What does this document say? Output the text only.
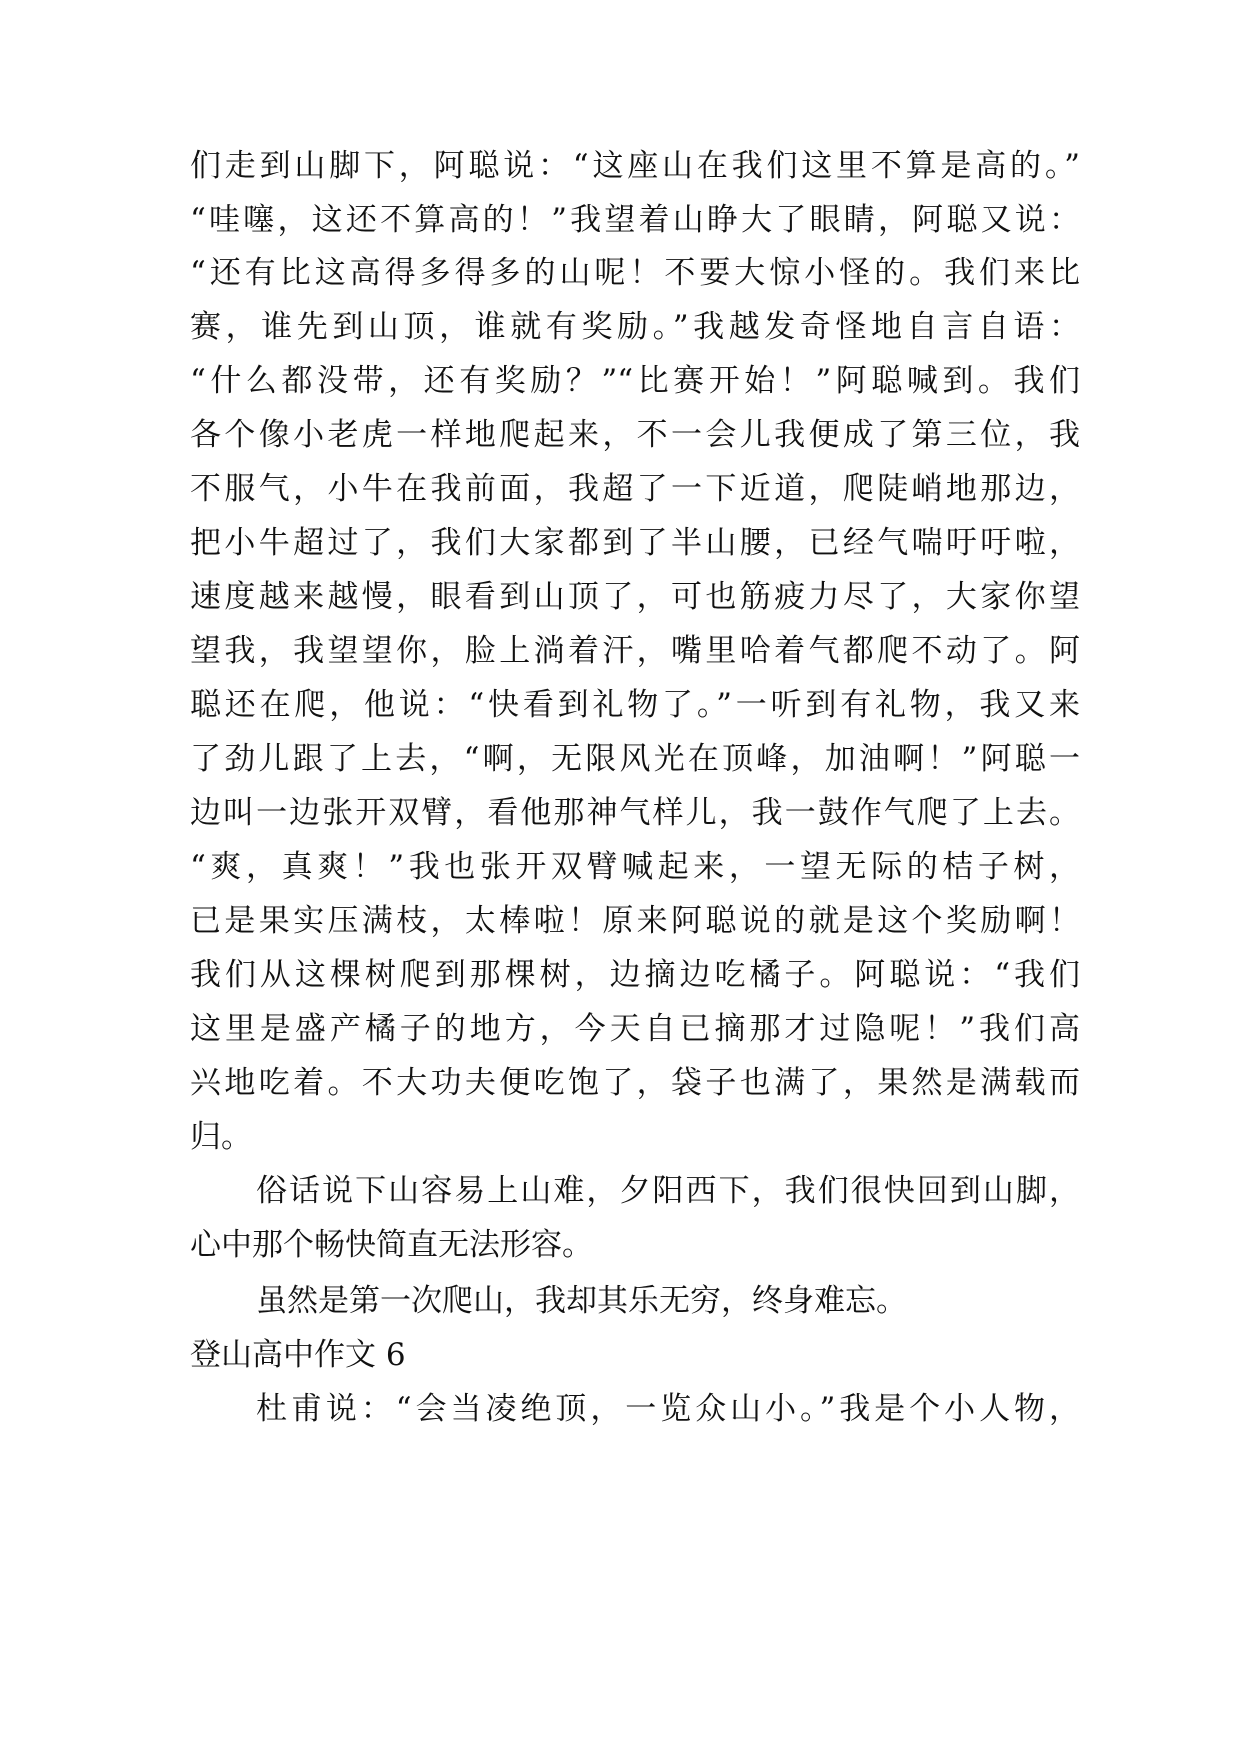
们走到山脚下，阿聪说：“这座山在我们这里不算是高的。”
“哇噻，这还不算高的！”我望着山睁大了眼睛，阿聪又说：
“还有比这高得多得多的山呢！不要大惊小怪的。我们来比
赛，谁先到山顶，谁就有奖励。”我越发奇怪地自言自语：
“什么都没带，还有奖励？”“比赛开始！”阿聪喊到。我们
各个像小老虎一样地爬起来，不一会儿我便成了第三位，我
不服气，小牛在我前面，我超了一下近道，爬陡峭地那边，
把小牛超过了，我们大家都到了半山腰，已经气喘吁吁啦，
速度越来越慢，眼看到山顶了，可也筋疲力尽了，大家你望
望我，我望望你，脸上淌着汗，嘴里哈着气都爬不动了。阿
聪还在爬，他说：“快看到礼物了。”一听到有礼物，我又来
了劲儿跟了上去，“啊，无限风光在顶峰，加油啊！”阿聪一
边叫一边张开双臂，看他那神气样儿，我一鼓作气爬了上去。
“爽，真爽！”我也张开双臂喊起来，一望无际的桔子树，
已是果实压满枝，太棒啦！原来阿聪说的就是这个奖励啊！
我们从这棵树爬到那棵树，边摘边吃橘子。阿聪说：“我们
这里是盛产橘子的地方，今天自已摘那才过隐呢！”我们高
兴地吃着。不大功夫便吃饱了，袋子也满了，果然是满载而
归。
俗话说下山容易上山难，夕阳西下，我们很快回到山脚，
心中那个畅快简直无法形容。
虽然是第一次爬山，我却其乐无穷，终身难忘。
登山高中作文 6
杜甫说：“会当凌绝顶，一览众山小。”我是个小人物，
